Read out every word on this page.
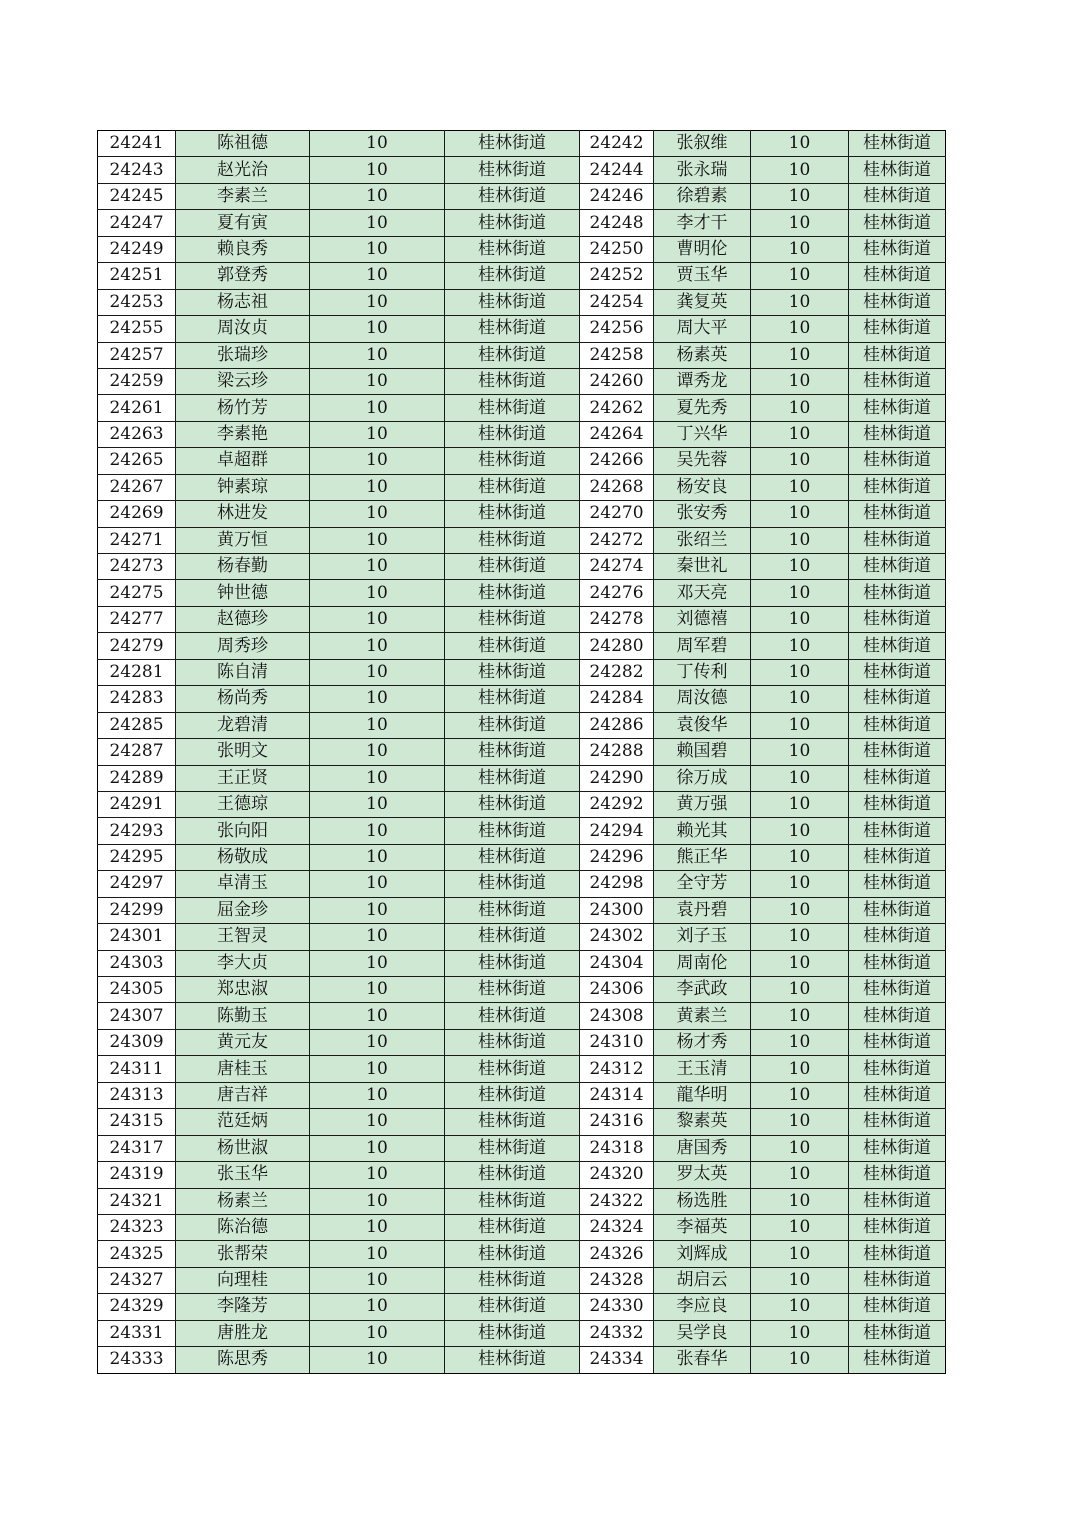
24241	陈祖德	10	桂林街道	24242	张叙维	10	桂林街道
24243	赵光治	10	桂林街道	24244	张永瑞	10	桂林街道
24245	李素兰	10	桂林街道	24246	徐碧素	10	桂林街道
24247	夏有寅	10	桂林街道	24248	李才干	10	桂林街道
24249	赖良秀	10	桂林街道	24250	曹明伦	10	桂林街道
24251	郭登秀	10	桂林街道	24252	贾玉华	10	桂林街道
24253	杨志祖	10	桂林街道	24254	龚复英	10	桂林街道
24255	周汝贞	10	桂林街道	24256	周大平	10	桂林街道
24257	张瑞珍	10	桂林街道	24258	杨素英	10	桂林街道
24259	梁云珍	10	桂林街道	24260	谭秀龙	10	桂林街道
24261	杨竹芳	10	桂林街道	24262	夏先秀	10	桂林街道
24263	李素艳	10	桂林街道	24264	丁兴华	10	桂林街道
24265	卓超群	10	桂林街道	24266	吴先蓉	10	桂林街道
24267	钟素琼	10	桂林街道	24268	杨安良	10	桂林街道
24269	林进发	10	桂林街道	24270	张安秀	10	桂林街道
24271	黄万恒	10	桂林街道	24272	张绍兰	10	桂林街道
24273	杨春勤	10	桂林街道	24274	秦世礼	10	桂林街道
24275	钟世德	10	桂林街道	24276	邓天亮	10	桂林街道
24277	赵德珍	10	桂林街道	24278	刘德禧	10	桂林街道
24279	周秀珍	10	桂林街道	24280	周军碧	10	桂林街道
24281	陈自清	10	桂林街道	24282	丁传利	10	桂林街道
24283	杨尚秀	10	桂林街道	24284	周汝德	10	桂林街道
24285	龙碧清	10	桂林街道	24286	袁俊华	10	桂林街道
24287	张明文	10	桂林街道	24288	赖国碧	10	桂林街道
24289	王正贤	10	桂林街道	24290	徐万成	10	桂林街道
24291	王德琼	10	桂林街道	24292	黄万强	10	桂林街道
24293	张向阳	10	桂林街道	24294	赖光其	10	桂林街道
24295	杨敬成	10	桂林街道	24296	熊正华	10	桂林街道
24297	卓清玉	10	桂林街道	24298	全守芳	10	桂林街道
24299	屈金珍	10	桂林街道	24300	袁丹碧	10	桂林街道
24301	王智灵	10	桂林街道	24302	刘子玉	10	桂林街道
24303	李大贞	10	桂林街道	24304	周南伦	10	桂林街道
24305	郑忠淑	10	桂林街道	24306	李武政	10	桂林街道
24307	陈勤玉	10	桂林街道	24308	黄素兰	10	桂林街道
24309	黄元友	10	桂林街道	24310	杨才秀	10	桂林街道
24311	唐桂玉	10	桂林街道	24312	王玉清	10	桂林街道
24313	唐吉祥	10	桂林街道	24314	龍华明	10	桂林街道
24315	范廷炳	10	桂林街道	24316	黎素英	10	桂林街道
24317	杨世淑	10	桂林街道	24318	唐国秀	10	桂林街道
24319	张玉华	10	桂林街道	24320	罗太英	10	桂林街道
24321	杨素兰	10	桂林街道	24322	杨选胜	10	桂林街道
24323	陈治德	10	桂林街道	24324	李福英	10	桂林街道
24325	张帮荣	10	桂林街道	24326	刘辉成	10	桂林街道
24327	向理桂	10	桂林街道	24328	胡启云	10	桂林街道
24329	李隆芳	10	桂林街道	24330	李应良	10	桂林街道
24331	唐胜龙	10	桂林街道	24332	吴学良	10	桂林街道
24333	陈思秀	10	桂林街道	24334	张春华	10	桂林街道
